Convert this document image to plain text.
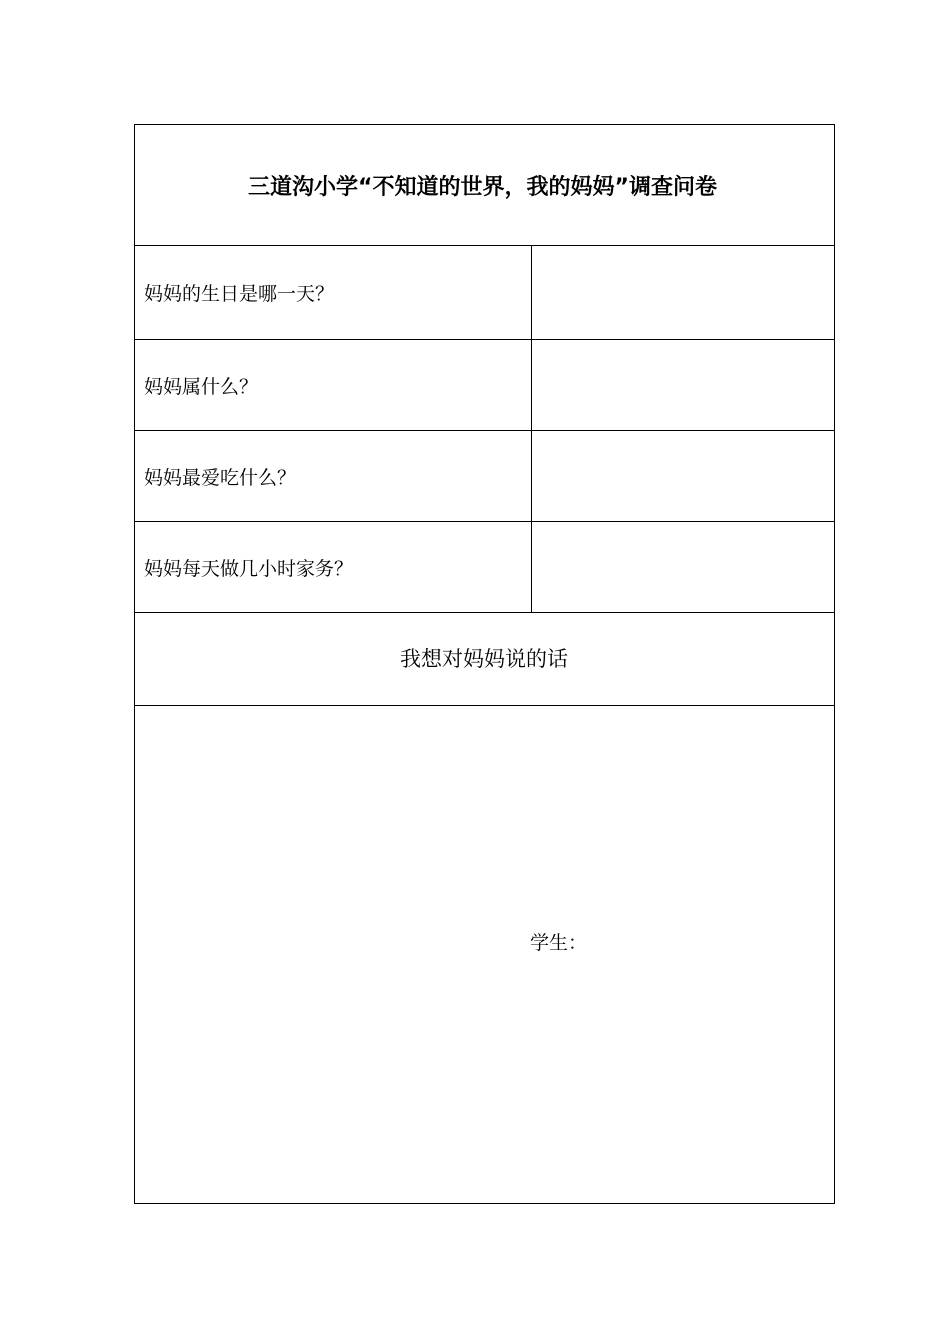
三道沟小学“不知道的世界，我的妈妈”调查问卷
妈妈的生日是哪一天？
妈妈属什么？
妈妈最爱吃什么？
妈妈每天做几小时家务？
我想对妈妈说的话
学生：
